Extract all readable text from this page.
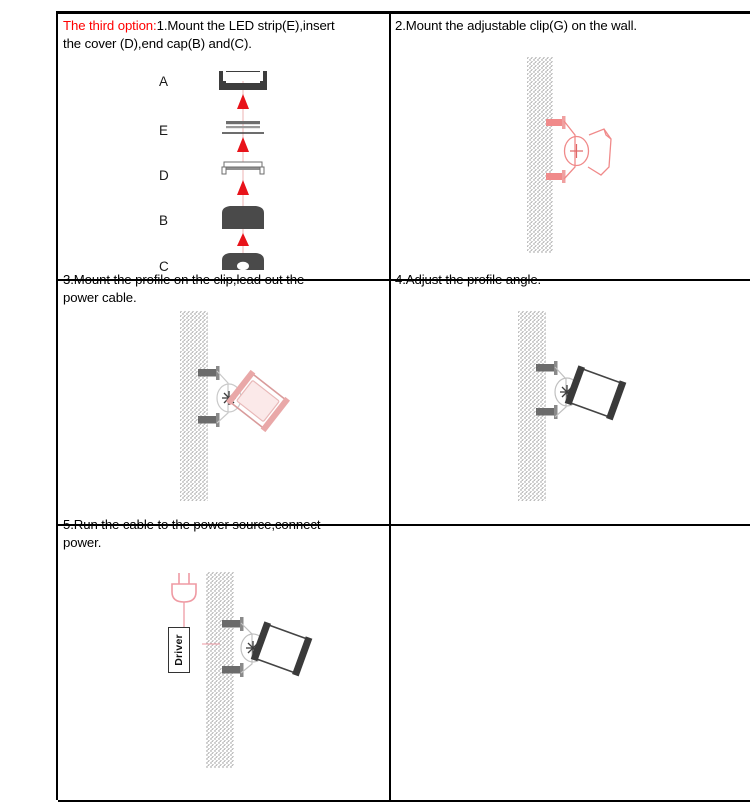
The third option:1.Mount the LED strip(E),insert
the cover (D),end cap(B) and(C).
A
E
D
B
C
2.Mount the adjustable clip(G) on the wall.
3.Mount the profile on the clip,lead out the
power cable.
4.Adjust the profile angle.
5.Run the cable to the power source,connect
power.
Driver
